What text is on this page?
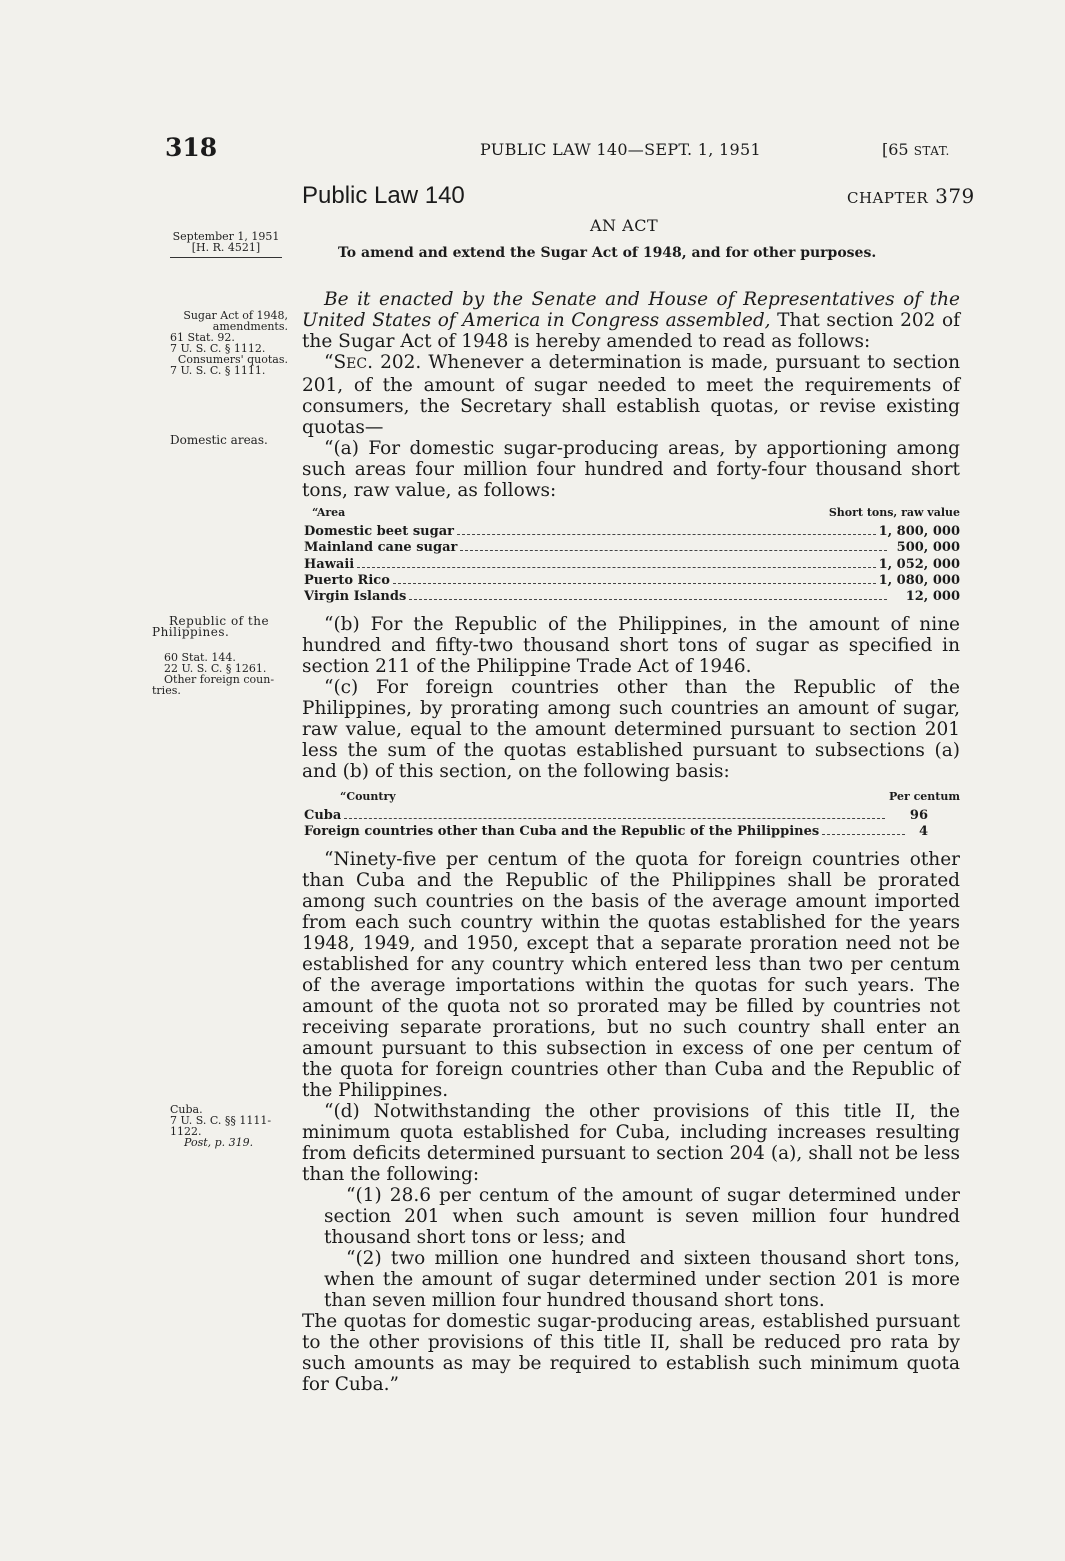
318	PUBLIC LAW 140—SEPT. 1, 1951	[65 STAT.
Public Law 140	CHAPTER 379
AN ACT
To amend and extend the Sugar Act of 1948, and for other purposes.
September 1, 1951
[H. R. 4521]
Sugar Act of 1948,
amendments.
61 Stat. 92.
7 U. S. C. § 1112.
Consumers' quotas.
7 U. S. C. § 1111.
Domestic areas.
Republic of the
Philippines.
60 Stat. 144.
22 U. S. C. § 1261.
Other foreign coun-
tries.
Cuba.
7 U. S. C. §§ 1111-
1122.
Post, p. 319.

Be it enacted by the Senate and House of Representatives of the United States of America in Congress assembled, That section 202 of the Sugar Act of 1948 is hereby amended to read as follows:

“SEC. 202. Whenever a determination is made, pursuant to section 201, of the amount of sugar needed to meet the requirements of consumers, the Secretary shall establish quotas, or revise existing quotas—

“(a) For domestic sugar-producing areas, by apportioning among such areas four million four hundred and forty-four thousand short tons, raw value, as follows:

“Area	Short tons, raw value
Domestic beet sugar	1, 800, 000
Mainland cane sugar	500, 000
Hawaii	1, 052, 000
Puerto Rico	1, 080, 000
Virgin Islands	12, 000

“(b) For the Republic of the Philippines, in the amount of nine hundred and fifty-two thousand short tons of sugar as specified in section 211 of the Philippine Trade Act of 1946.

“(c) For foreign countries other than the Republic of the Philippines, by prorating among such countries an amount of sugar, raw value, equal to the amount determined pursuant to section 201 less the sum of the quotas established pursuant to subsections (a) and (b) of this section, on the following basis:

“Country	Per centum
Cuba	96
Foreign countries other than Cuba and the Republic of the Philippines	4

“Ninety-five per centum of the quota for foreign countries other than Cuba and the Republic of the Philippines shall be prorated among such countries on the basis of the average amount imported from each such country within the quotas established for the years 1948, 1949, and 1950, except that a separate proration need not be established for any country which entered less than two per centum of the average importations within the quotas for such years. The amount of the quota not so prorated may be filled by countries not receiving separate prorations, but no such country shall enter an amount pursuant to this subsection in excess of one per centum of the quota for foreign countries other than Cuba and the Republic of the Philippines.

“(d) Notwithstanding the other provisions of this title II, the minimum quota established for Cuba, including increases resulting from deficits determined pursuant to section 204 (a), shall not be less than the following:

“(1) 28.6 per centum of the amount of sugar determined under section 201 when such amount is seven million four hundred thousand short tons or less; and

“(2) two million one hundred and sixteen thousand short tons, when the amount of sugar determined under section 201 is more than seven million four hundred thousand short tons.

The quotas for domestic sugar-producing areas, established pursuant to the other provisions of this title II, shall be reduced pro rata by such amounts as may be required to establish such minimum quota for Cuba.”
